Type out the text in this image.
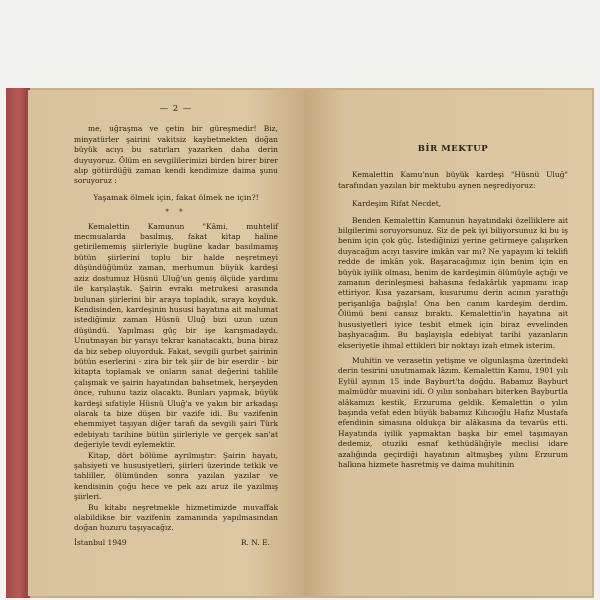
— 2 —

me, uğraşma ve çetin bir güreşmedir! Biz, minyatürler şairini vakitsiz kaybetmekten doğan büyük acıyı bu satırları yazarken daha derin duyuyoruz. Ölüm en sevgililerimizi birden birer birer alıp götürdüğü zaman kendi kendimize daima şunu soruyoruz :

Yaşamak ölmek için, fakat ölmek ne için?!
* *

Kemalettin Kamunun "Kâmi, muhtelif mecmualarda basılmış, fakat kitap haline getirilememiş şiirleriyle bugüne kadar basılmamış bütün şiirlerini toplu bir halde neşretmeyi düşündüğümüz zaman, merhumun büyük kardeşi aziz dostumuz Hüsnü Uluğ'un geniş ölçüde yardımı ile karşılaştık. Şairin evrakı metrukesi arasında bulunan şiirlerini bir araya topladık, sıraya koyduk. Kendisinden, kardeşinin hususi hayatına ait malumat istediğimiz zaman Hüsnü Uluğ bizi uzun uzun düşündü. Yapılması güç bir işe karışmadaydı. Unutmayan bir yarayı tekrar kanatacaktı, buna biraz da biz sebep oluyorduk. Fakat, sevgili gurbet şairinin bütün eserlerini - zira bir tek şiir de bir eserdir - bir kitapta toplamak ve onların sanat değerini tahlile çalışmak ve şairin hayatından bahsetmek, herşeyden önce, ruhunu taziz olacaktı. Bunları yapmak, büyük kardeşi sıfatiyle Hüsnü Uluğ'a ve yakın bir arkadaşı olarak ta bize düşen bir vazife idi. Bu vazifenin ehemmiyet taşıyan diğer tarafı da sevgili şairi Türk edebiyatı tarihine bütün şiirleriyle ve gerçek san'at değeriyle tevdi eylemektir.

Kitap, dört bölüme ayrılmıştır: Şairin hayatı, şahsiyeti ve hususiyetleri, şiirleri üzerinde tetkik ve tahliller, ölümünden sonra yazılan yazılar ve kendisinin çoğu hece ve pek azı aruz ile yazılmış şiirleri.

Bu kitabı neşretmekle hizmetimizde muvaffak olabildiksе bir vazifenin zamanında yapılmasından doğan huzuru taşıyacağız.

İstanbul 1949	R. N. E.
BİR MEKTUP

Kemalettin Kamu'nun büyük kardeşi "Hüsnü Uluğ" tarafından yazılan bir mektubu aynen neşrediyoruz:

Kardeşim Rifat Necdet,

Benden Kemalettin Kamunun hayatındaki özelliklere ait bilgilerimi soruyorsunuz. Siz de pek iyi biliyorsunuz ki bu iş benim için çok güç. İstediğinizi yerine getirmeye çalışırken duyacağım acıyı tasvire imkân var mı? Ne yapayım ki teklifi redde de imkân yok. Başaracağımız için benim için en büyük iyilik olması, benim de kardeşimin ölümüyle açtığı ve zamanın derinleşmesi bahasına fedakârlık yapmamı icap ettiriyor. Kısa yazarsam, kusurumu derin acının yarattığı perişanlığa bağışla! Ona ben canım kardeşim derdim. Ölümü beni cansız bıraktı. Kemalettin'in hayatına ait hususiyetleri iyice tesbit etmek için biraz evvelinden başlıyacağım. Bu başlayışla edebiyat tarihi yazanların ekseriyetle ihmal ettikleri bir noktayı izah etmek isterim.

Muhitin ve verasetin yetişme ve olgunlaşma üzerindeki derin tesirini unutmamak lâzım. Kemalettin Kamu, 1901 yılı Eylül ayının 15 inde Bayburt'ta doğdu. Babamız Bayburt malmüdür muavini idi. O yılın sonbaharı biterken Bayburtla alâkamızı kestik, Erzuruma geldik. Kemalettin o yılın başında vefat eden büyük babamız Kılıcıoğlu Hafız Mustafa efendinin simasına oldukça bir alâkasına da tevarüs etti. Hayatında iyilik yapmaktan başka bir emel taşımayan dedemiz, otuziki esnaf kethüdâlığiyle meclisi idare azalığında geçirdiği hayatının altmışbeş yılını Erzurum halkına hizmete hasretmiş ve daima muhitinin
